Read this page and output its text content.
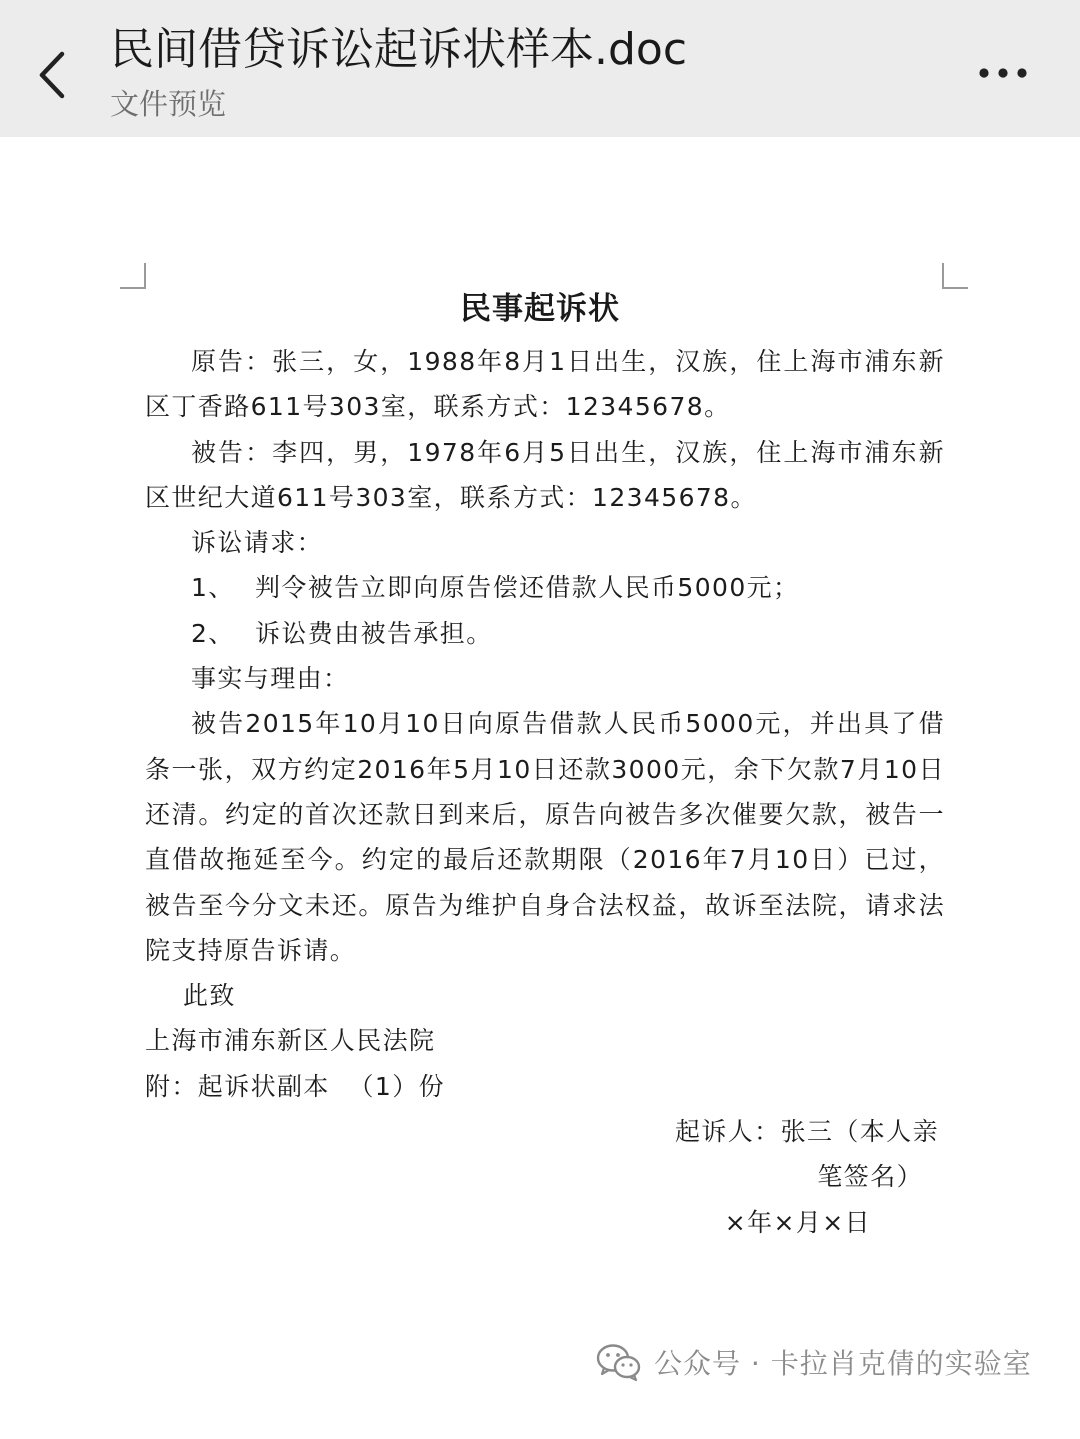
民间借贷诉讼起诉状样本.doc
文件预览
民事起诉状

原告：张三，女，1988年8月1日出生，汉族，住上海市浦东新区丁香路611号303室，联系方式：12345678。

被告：李四，男，1978年6月5日出生，汉族，住上海市浦东新区世纪大道611号303室，联系方式：12345678。

诉讼请求：

1、 判令被告立即向原告偿还借款人民币5000元；

2、 诉讼费由被告承担。

事实与理由：

被告2015年10月10日向原告借款人民币5000元，并出具了借条一张，双方约定2016年5月10日还款3000元，余下欠款7月10日还清。约定的首次还款日到来后，原告向被告多次催要欠款，被告一直借故拖延至今。约定的最后还款期限（2016年7月10日）已过，被告至今分文未还。原告为维护自身合法权益，故诉至法院，请求法院支持原告诉请。

此致

上海市浦东新区人民法院

附：起诉状副本  （1）份

起诉人：张三（本人亲

笔签名）

×年×月×日

公众号 · 卡拉肖克倩的实验室
